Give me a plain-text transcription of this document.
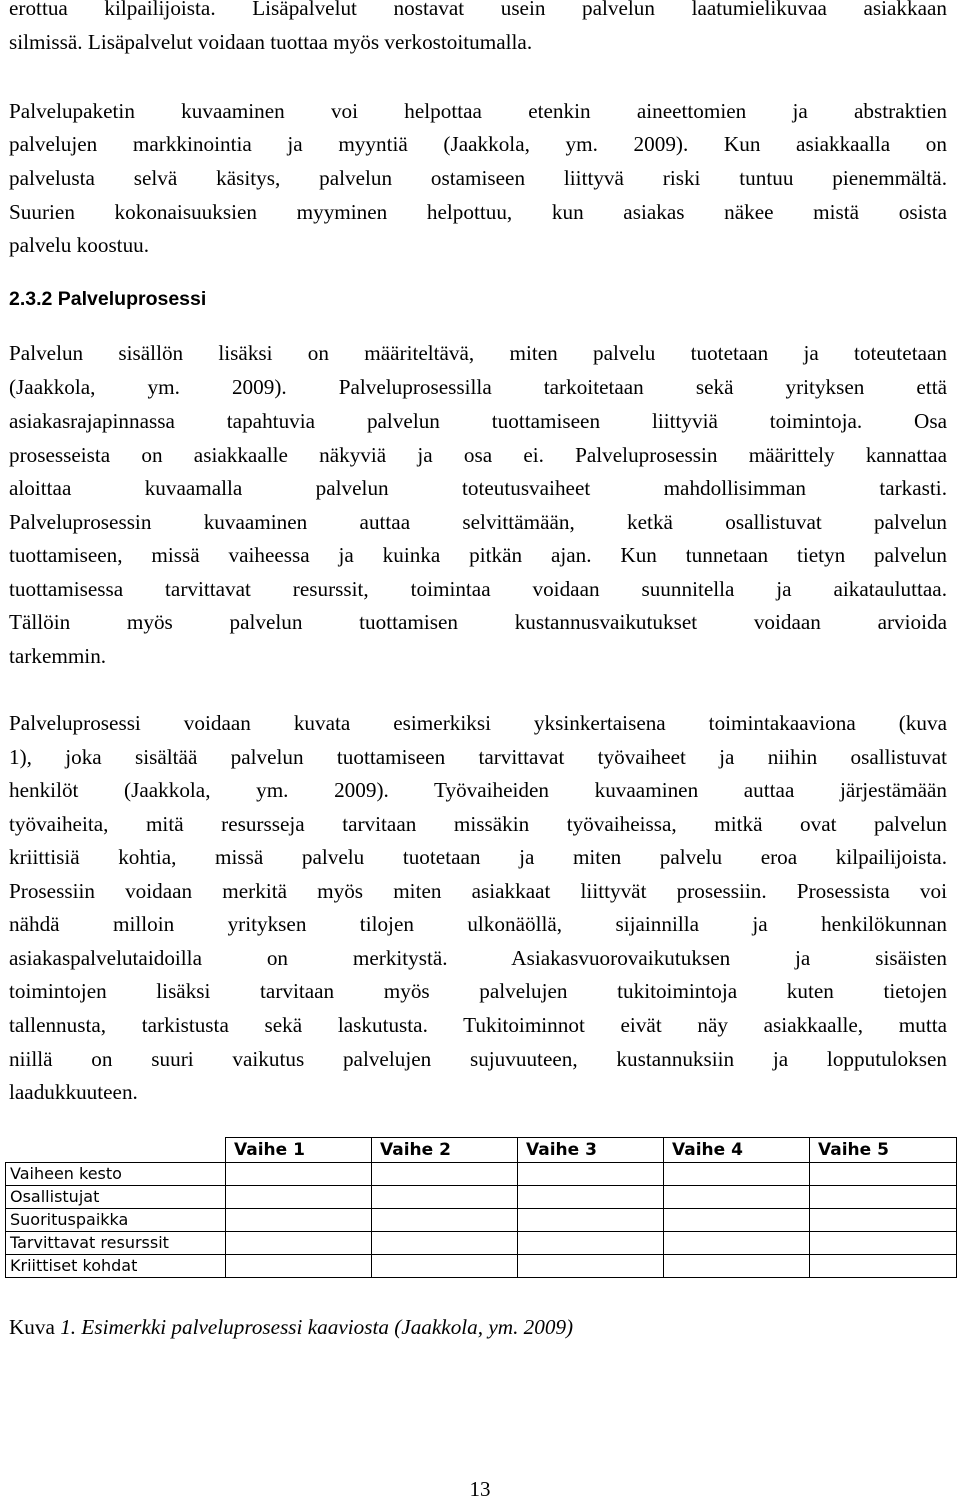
erottua kilpailijoista. Lisäpalvelut nostavat usein palvelun laatumielikuvaa asiakkaan
silmissä. Lisäpalvelut voidaan tuottaa myös verkostoitumalla.
Palvelupaketin kuvaaminen voi helpottaa etenkin aineettomien ja abstraktien
palvelujen markkinointia ja myyntiä (Jaakkola, ym. 2009). Kun asiakkaalla on
palvelusta selvä käsitys, palvelun ostamiseen liittyvä riski tuntuu pienemmältä.
Suurien kokonaisuuksien myyminen helpottuu, kun asiakas näkee mistä osista
palvelu koostuu.
2.3.2 Palveluprosessi
Palvelun sisällön lisäksi on määriteltävä, miten palvelu tuotetaan ja toteutetaan
(Jaakkola, ym. 2009). Palveluprosessilla tarkoitetaan sekä yrityksen että
asiakasrajapinnassa tapahtuvia palvelun tuottamiseen liittyviä toimintoja. Osa
prosesseista on asiakkaalle näkyviä ja osa ei. Palveluprosessin määrittely kannattaa
aloittaa kuvaamalla palvelun toteutusvaiheet mahdollisimman tarkasti.
Palveluprosessin kuvaaminen auttaa selvittämään, ketkä osallistuvat palvelun
tuottamiseen, missä vaiheessa ja kuinka pitkän ajan. Kun tunnetaan tietyn palvelun
tuottamisessa tarvittavat resurssit, toimintaa voidaan suunnitella ja aikatauluttaa.
Tällöin myös palvelun tuottamisen kustannusvaikutukset voidaan arvioida
tarkemmin.
Palveluprosessi voidaan kuvata esimerkiksi yksinkertaisena toimintakaaviona (kuva
1), joka sisältää palvelun tuottamiseen tarvittavat työvaiheet ja niihin osallistuvat
henkilöt (Jaakkola, ym. 2009). Työvaiheiden kuvaaminen auttaa järjestämään
työvaiheita, mitä resursseja tarvitaan missäkin työvaiheissa, mitkä ovat palvelun
kriittisiä kohtia, missä palvelu tuotetaan ja miten palvelu eroa kilpailijoista.
Prosessiin voidaan merkitä myös miten asiakkaat liittyvät prosessiin. Prosessista voi
nähdä milloin yrityksen tilojen ulkonäöllä, sijainnilla ja henkilökunnan
asiakaspalvelutaidoilla on merkitystä. Asiakasvuorovaikutuksen ja sisäisten
toimintojen lisäksi tarvitaan myös palvelujen tukitoimintoja kuten tietojen
tallennusta, tarkistusta sekä laskutusta. Tukitoiminnot eivät näy asiakkaalle, mutta
niillä on suuri vaikutus palvelujen sujuvuuteen, kustannuksiin ja lopputuloksen
laadukkuuteen.
	Vaihe 1	Vaihe 2	Vaihe 3	Vaihe 4	Vaihe 5
Vaiheen kesto					
Osallistujat					
Suorituspaikka					
Tarvittavat resurssit					
Kriittiset kohdat					
Kuva 1. Esimerkki palveluprosessi kaaviosta (Jaakkola, ym. 2009)
13
